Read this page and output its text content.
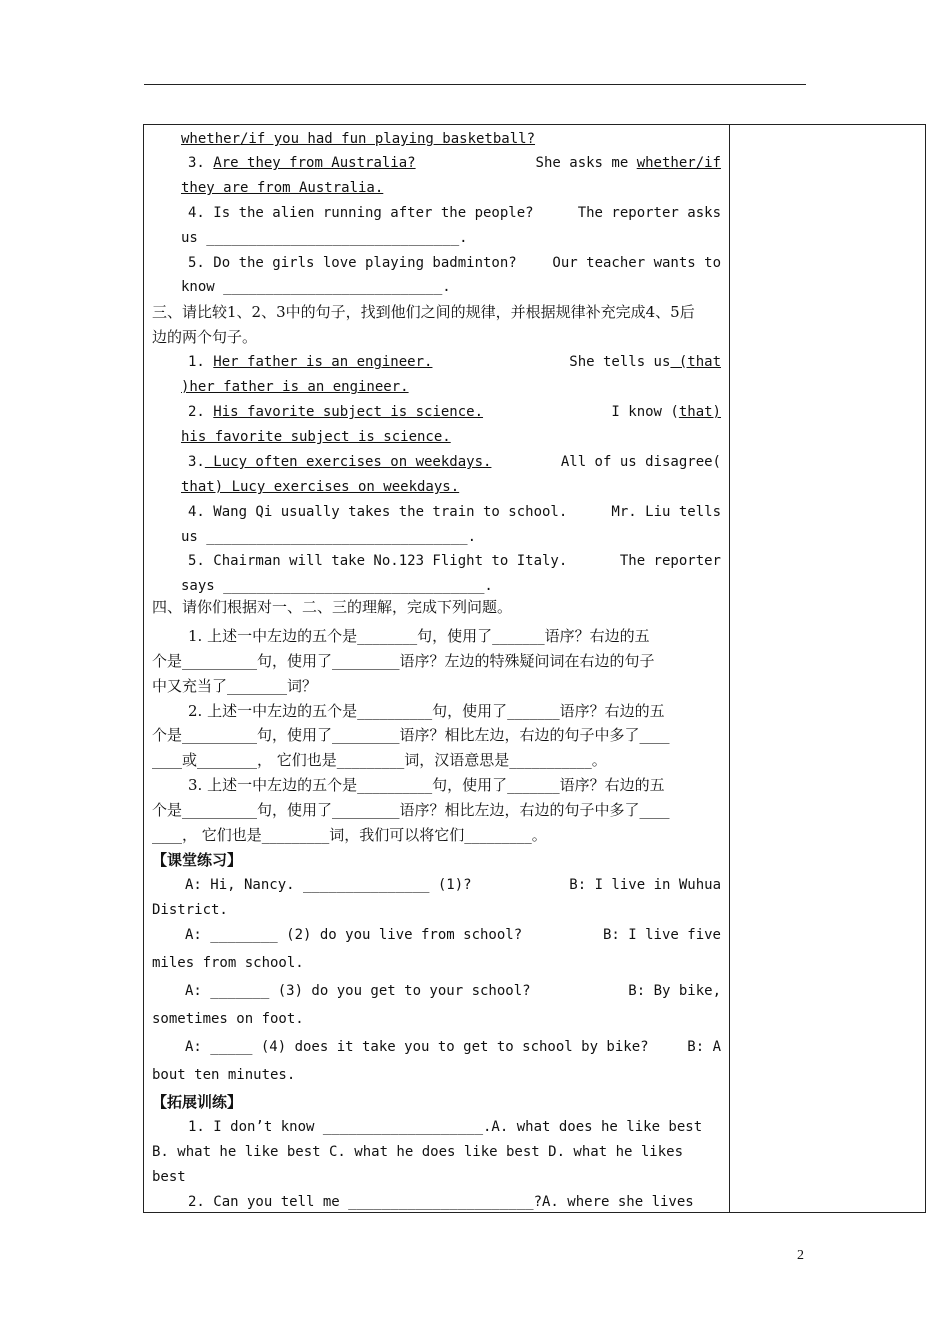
whether/if you had fun playing basketball?
3. Are they from Australia?	She asks me whether/if
they are from Australia.
4. Is the alien running after the people?	The reporter asks
us ______________________________.
5. Do the girls love playing badminton?	Our teacher wants to
know __________________________.
三、请比较1、2、3中的句子，找到他们之间的规律，并根据规律补充完成4、5后
边的两个句子。
1. Her father is an engineer.	She tells us (that
)her father is an engineer.
2. His favorite subject is science.	I know (that)
his favorite subject is science.
3. Lucy often exercises on weekdays.	All of us disagree(
that) Lucy exercises on weekdays.
4. Wang Qi usually takes the train to school.	Mr. Liu tells
us _______________________________.
5. Chairman will take No.123 Flight to Italy.	The reporter
says _______________________________.
四、请你们根据对一、二、三的理解，完成下列问题。
1. 上述一中左边的五个是________句，使用了_______语序？右边的五
个是__________句，使用了_________语序？左边的特殊疑问词在右边的句子
中又充当了________词？
2. 上述一中左边的五个是__________句，使用了_______语序？右边的五
个是__________句，使用了_________语序？相比左边，右边的句子中多了____
____或________， 它们也是_________词，汉语意思是___________。
3. 上述一中左边的五个是__________句，使用了_______语序？右边的五
个是__________句，使用了_________语序？相比左边，右边的句子中多了____
____， 它们也是_________词，我们可以将它们_________。
【课堂练习】
A: Hi, Nancy. _______________ (1)?	B: I live in Wuhua
District.
A: ________ (2) do you live from school?	B: I live five
miles from school.
A: _______ (3) do you get to your school?	B: By bike,
sometimes on foot.
A: _____ (4) does it take you to get to school by bike?	B: A
bout ten minutes.
【拓展训练】
1. I don’t know ___________________.A. what does he like best
B. what he like best C. what he does like best D. what he likes
best
2. Can you tell me ______________________?A. where she lives
2
